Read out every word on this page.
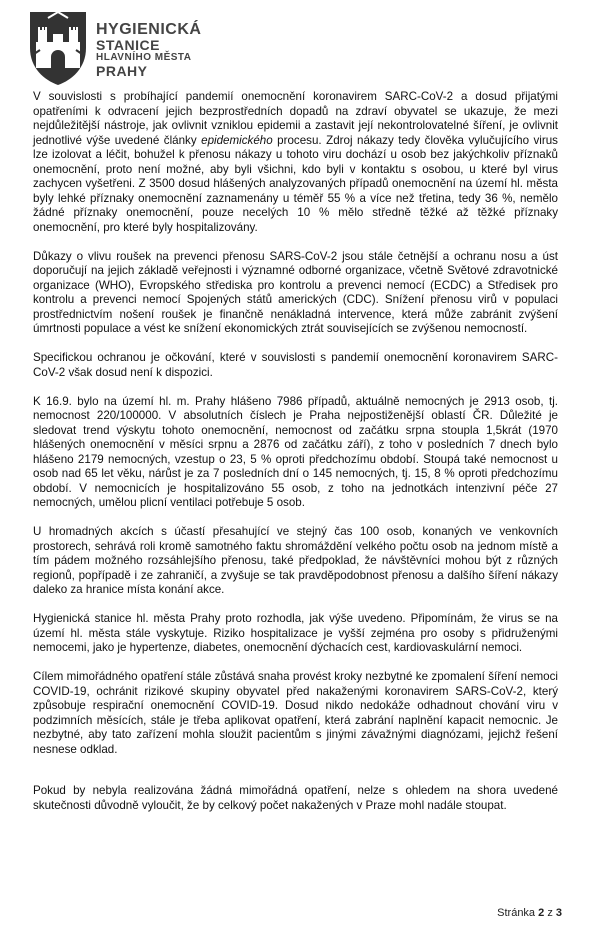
HYGIENICKÁ
STANICE
HLAVNÍHO MĚSTA
PRAHY

V souvislosti s probíhající pandemií onemocnění koronavirem SARC-CoV-2 a dosud přijatými opatřeními k odvracení jejich bezprostředních dopadů na zdraví obyvatel se ukazuje, že mezi nejdůležitější nástroje, jak ovlivnit vzniklou epidemii a zastavit její nekontrolovatelné šíření, je ovlivnit jednotlivé výše uvedené články epidemického procesu. Zdroj nákazy tedy člověka vylučujícího virus lze izolovat a léčit, bohužel k přenosu nákazy u tohoto viru dochází u osob bez jakýchkoliv příznaků onemocnění, proto není možné, aby byli všichni, kdo byli v kontaktu s osobou, u které byl virus zachycen vyšetřeni. Z 3500 dosud hlášených analyzovaných případů onemocnění na území hl. města byly lehké příznaky onemocnění zaznamenány u téměř 55 % a více než třetina, tedy 36 %, nemělo žádné příznaky onemocnění, pouze necelých 10 % mělo středně těžké až těžké příznaky onemocnění, pro které byly hospitalizovány.

Důkazy o vlivu roušek na prevenci přenosu SARS-CoV-2 jsou stále četnější a ochranu nosu a úst doporučují na jejich základě veřejnosti i významné odborné organizace, včetně Světové zdravotnické organizace (WHO), Evropského střediska pro kontrolu a prevenci nemocí (ECDC) a Středisek pro kontrolu a prevenci nemocí Spojených států amerických (CDC). Snížení přenosu virů v populaci prostřednictvím nošení roušek je finančně nenákladná intervence, která může zabránit zvýšení úmrtnosti populace a vést ke snížení ekonomických ztrát souvisejících se zvýšenou nemocností.

Specifickou ochranou je očkování, které v souvislosti s pandemií onemocnění koronavirem SARC-CoV-2 však dosud není k dispozici.

K 16.9. bylo na území hl. m. Prahy hlášeno 7986 případů, aktuálně nemocných je 2913 osob, tj. nemocnost 220/100000. V absolutních číslech je Praha nejpostiženější oblastí ČR. Důležité je sledovat trend výskytu tohoto onemocnění, nemocnost od začátku srpna stoupla 1,5krát (1970 hlášených onemocnění v měsíci srpnu a 2876 od začátku září), z toho v posledních 7 dnech bylo hlášeno 2179 nemocných, vzestup o 23, 5 % oproti předchozímu období. Stoupá také nemocnost u osob nad 65 let věku, nárůst je za 7 posledních dní o 145 nemocných, tj. 15, 8 % oproti předchozímu období. V nemocnicích je hospitalizováno 55 osob, z toho na jednotkách intenzivní péče 27 nemocných, umělou plicní ventilaci potřebuje 5 osob.

U hromadných akcích s účastí přesahující ve stejný čas 100 osob, konaných ve venkovních prostorech, sehrává roli kromě samotného faktu shromáždění velkého počtu osob na jednom místě a tím pádem možného rozsáhlejšího přenosu, také předpoklad, že návštěvníci mohou být z různých regionů, popřípadě i ze zahraničí, a zvyšuje se tak pravděpodobnost přenosu a dalšího šíření nákazy daleko za hranice místa konání akce.

Hygienická stanice hl. města Prahy proto rozhodla, jak výše uvedeno. Připomínám, že virus se na území hl. města stále vyskytuje. Riziko hospitalizace je vyšší zejména pro osoby s přidruženými nemocemi, jako je hypertenze, diabetes, onemocnění dýchacích cest, kardiovaskulární nemoci.

Cílem mimořádného opatření stále zůstává snaha provést kroky nezbytné ke zpomalení šíření nemoci COVID-19, ochránit rizikové skupiny obyvatel před nakaženými koronavirem SARS-CoV-2, který způsobuje respirační onemocnění COVID-19. Dosud nikdo nedokáže odhadnout chování viru v podzimních měsících, stále je třeba aplikovat opatření, která zabrání naplnění kapacit nemocnic. Je nezbytné, aby tato zařízení mohla sloužit pacientům s jinými závažnými diagnózami, jejichž řešení nesnese odklad.

Pokud by nebyla realizována žádná mimořádná opatření, nelze s ohledem na shora uvedené skutečnosti důvodně vyloučit, že by celkový počet nakažených v Praze mohl nadále stoupat.

Stránka 2 z 3
